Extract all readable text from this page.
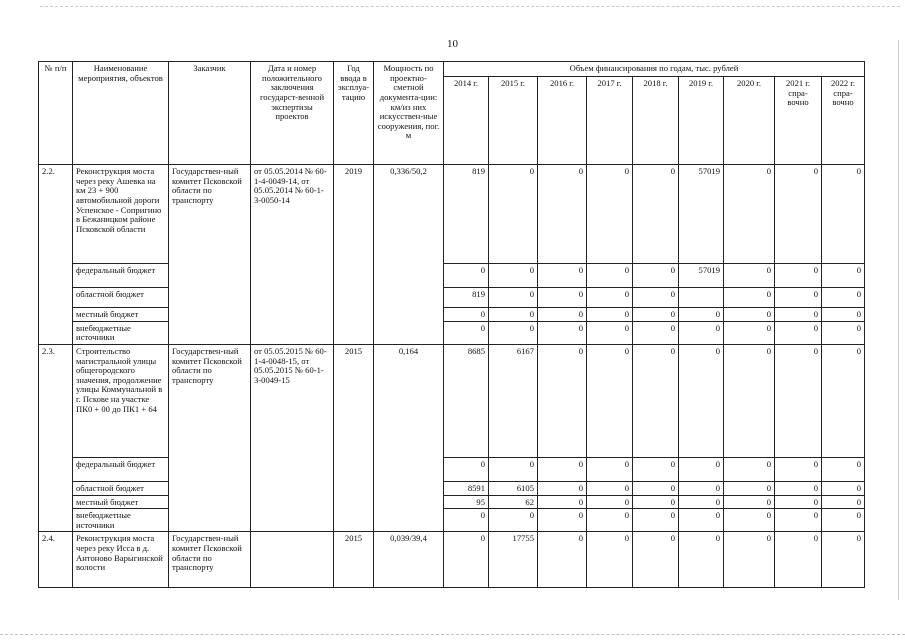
10
№ п/п	Наименование мероприятия, объектов	Заказчик	Дата и номер положительного заключения государст-венной экспертизы проектов	Год ввода в эксплуа-тацию	Мощность по проектно-сметной документа-ции: км/из них искусствен-ные сооружения, пог. м	Объем финансирования по годам, тыс. рублей								
						2014 г.	2015 г.	2016 г.	2017 г.	2018 г.	2019 г.	2020 г.	2021 г. спра-вочно	2022 г. спра-вочно
2.2.	Реконструкция моста через реку Ашевка на км 23 + 900 автомобильной дороги Успенское - Сопригино в Бежаницком районе Псковской области	Государствен-ный комитет Псковской области по транспорту	от 05.05.2014 № 60-1-4-0049-14, от 05.05.2014 № 60-1-3-0050-14	2019	0,336/50,2	819	0	0	0	0	57019	0	0	0
	федеральный бюджет					0	0	0	0	0	57019	0	0	0
	областной бюджет					819	0	0	0	0		0	0	0
	местный бюджет					0	0	0	0	0	0	0	0	0
	внебюджетные источники					0	0	0	0	0	0	0	0	0
2.3.	Строительство магистральной улицы общегородского значения, продолжение улицы Коммунальной в г. Пскове на участке ПК0 + 00 до ПК1 + 64	Государствен-ный комитет Псковской области по транспорту	от 05.05.2015 № 60-1-4-0048-15, от 05.05.2015 № 60-1-3-0049-15	2015	0,164	8685	6167	0	0	0	0	0	0	0
	федеральный бюджет					0	0	0	0	0	0	0	0	0
	областной бюджет					8591	6105	0	0	0	0	0	0	0
	местный бюджет					95	62	0	0	0	0	0	0	0
	внебюджетные источники					0	0	0	0	0	0	0	0	0
2.4.	Реконструкция моста через реку Исса в д. Антоново Варыгинской волости	Государствен-ный комитет Псковской области по транспорту		2015	0,039/39,4	0	17755	0	0	0	0	0	0	0
